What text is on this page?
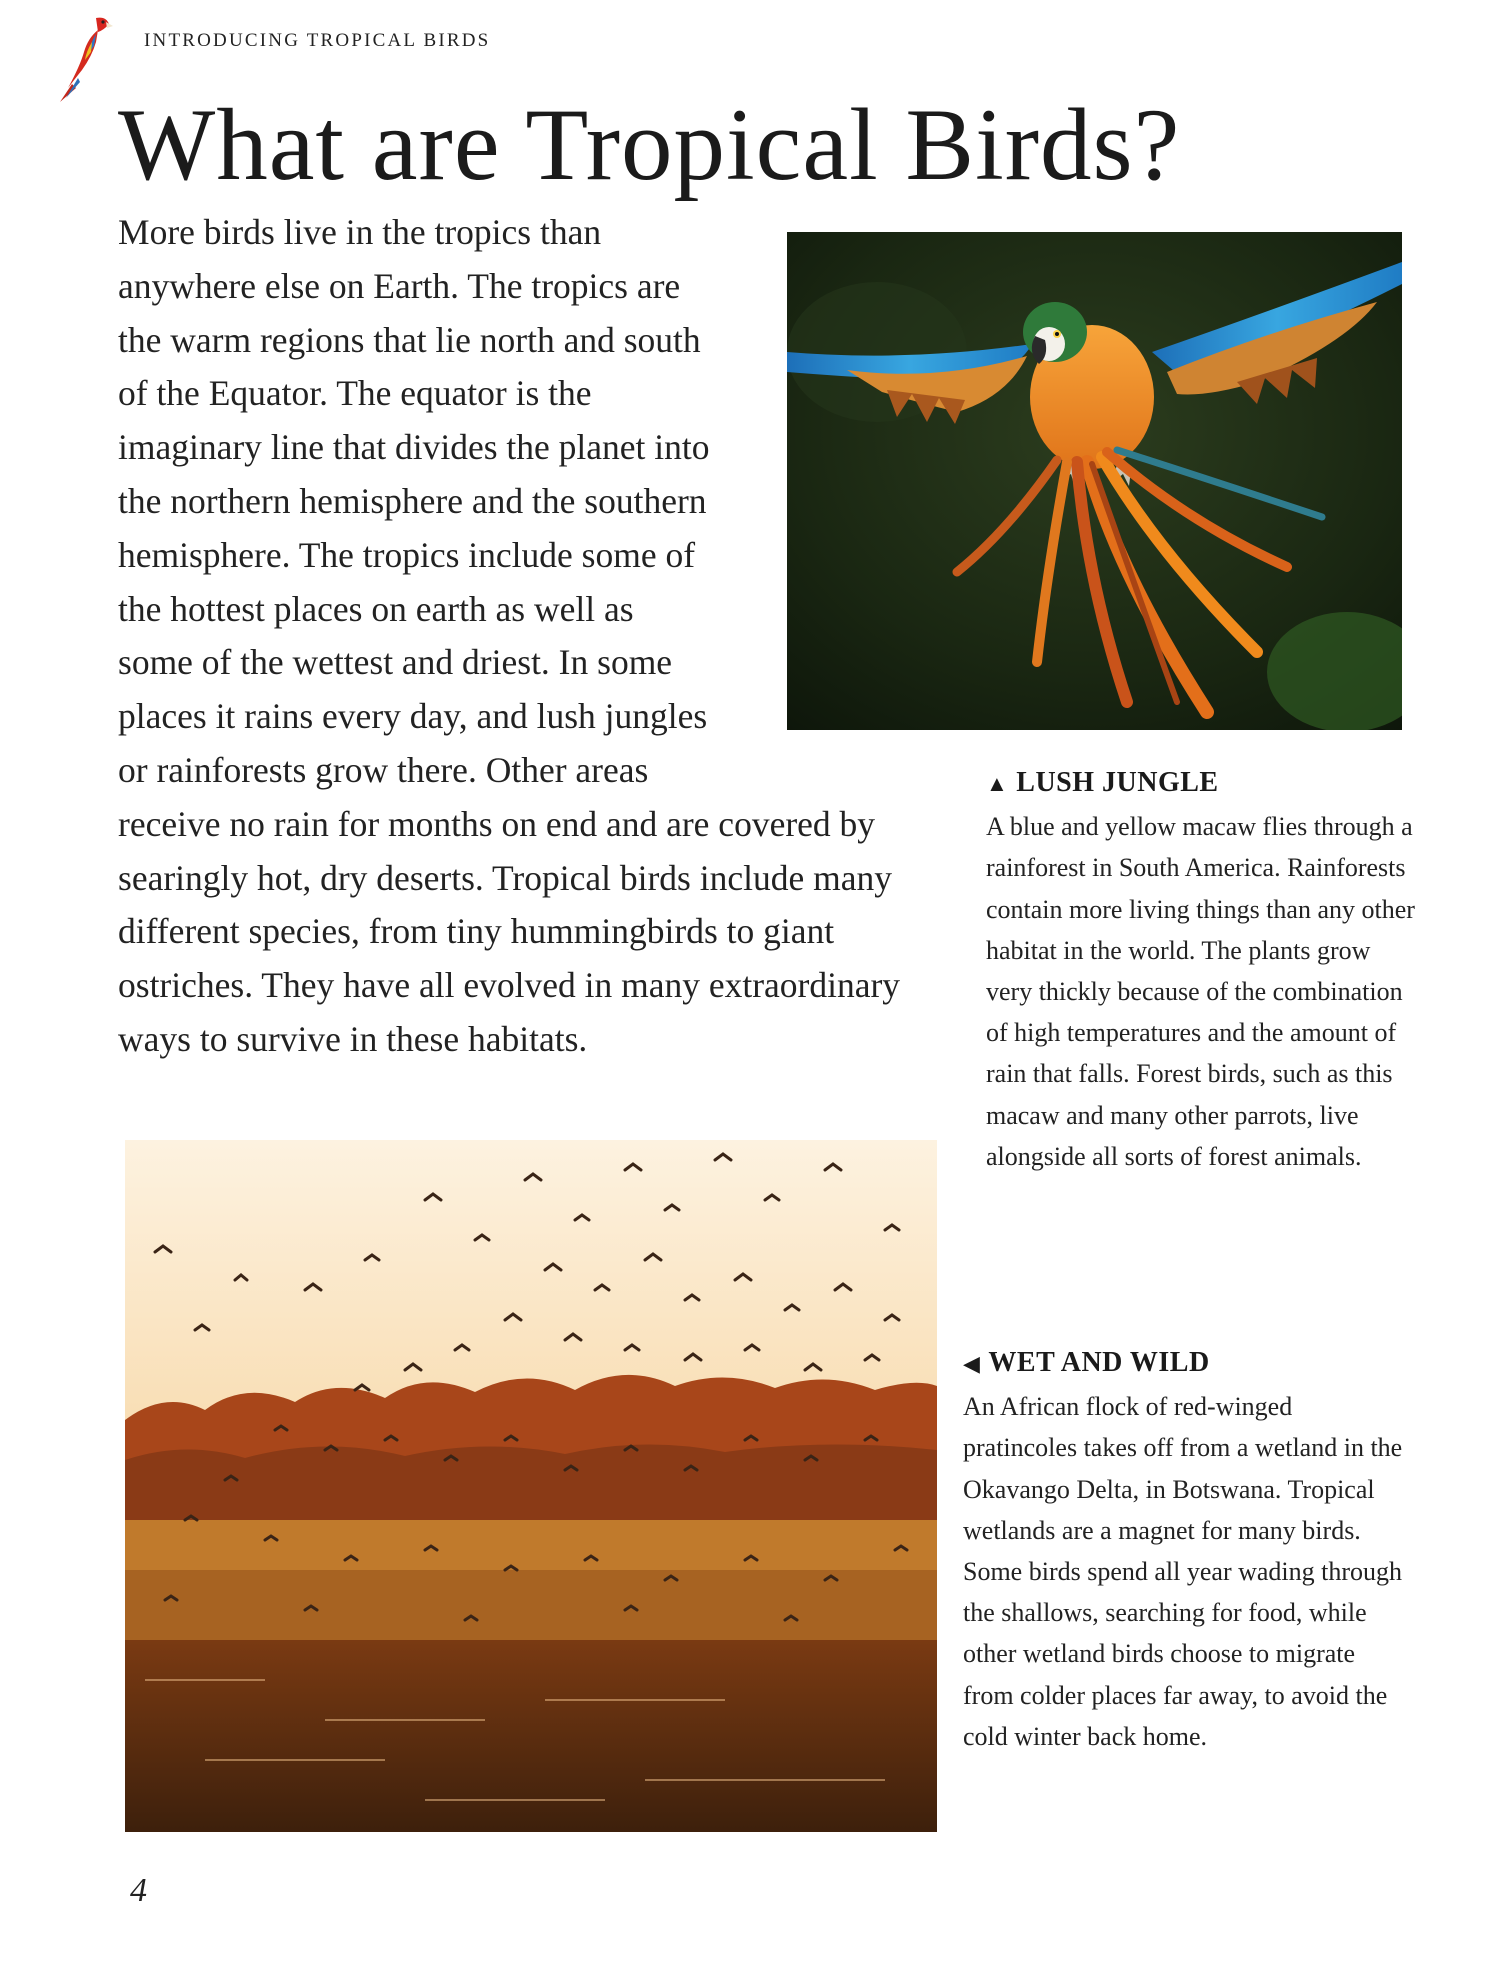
INTRODUCING TROPICAL BIRDS
What are Tropical Birds?

More birds live in the tropics than anywhere else on Earth. The tropics are the warm regions that lie north and south of the Equator. The equator is the imaginary line that divides the planet into the northern hemisphere and the southern hemisphere. The tropics include some of the hottest places on earth as well as some of the wettest and driest. In some places it rains every day, and lush jungles or rainforests grow there. Other areas receive no rain for months on end and are covered by searingly hot, dry deserts. Tropical birds include many different species, from tiny hummingbirds to giant ostriches. They have all evolved in many extraordinary ways to survive in these habitats.

▲ LUSH JUNGLE

A blue and yellow macaw flies through a rainforest in South America. Rainforests contain more living things than any other habitat in the world. The plants grow very thickly because of the combination of high temperatures and the amount of rain that falls. Forest birds, such as this macaw and many other parrots, live alongside all sorts of forest animals.

◀ WET AND WILD

An African flock of red-winged pratincoles takes off from a wetland in the Okavango Delta, in Botswana. Tropical wetlands are a magnet for many birds. Some birds spend all year wading through the shallows, searching for food, while other wetland birds choose to migrate from colder places far away, to avoid the cold winter back home.

4
